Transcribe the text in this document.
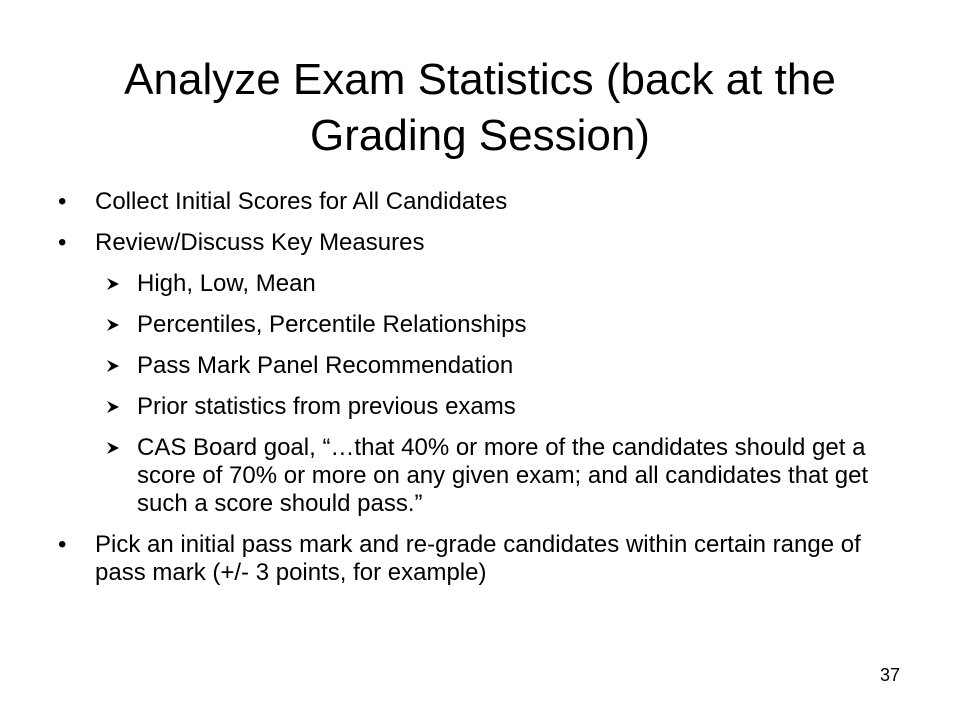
Analyze Exam Statistics (back at the Grading Session)
•	Collect Initial Scores for All Candidates
•	Review/Discuss Key Measures
High, Low, Mean
Percentiles, Percentile Relationships
Pass Mark Panel Recommendation
Prior statistics from previous exams
CAS Board goal, “…that 40% or more of the candidates should get a score of 70% or more on any given exam; and all candidates that get such a score should pass.”
•	Pick an initial pass mark and re-grade candidates within certain range of pass mark (+/- 3 points, for example)
37
